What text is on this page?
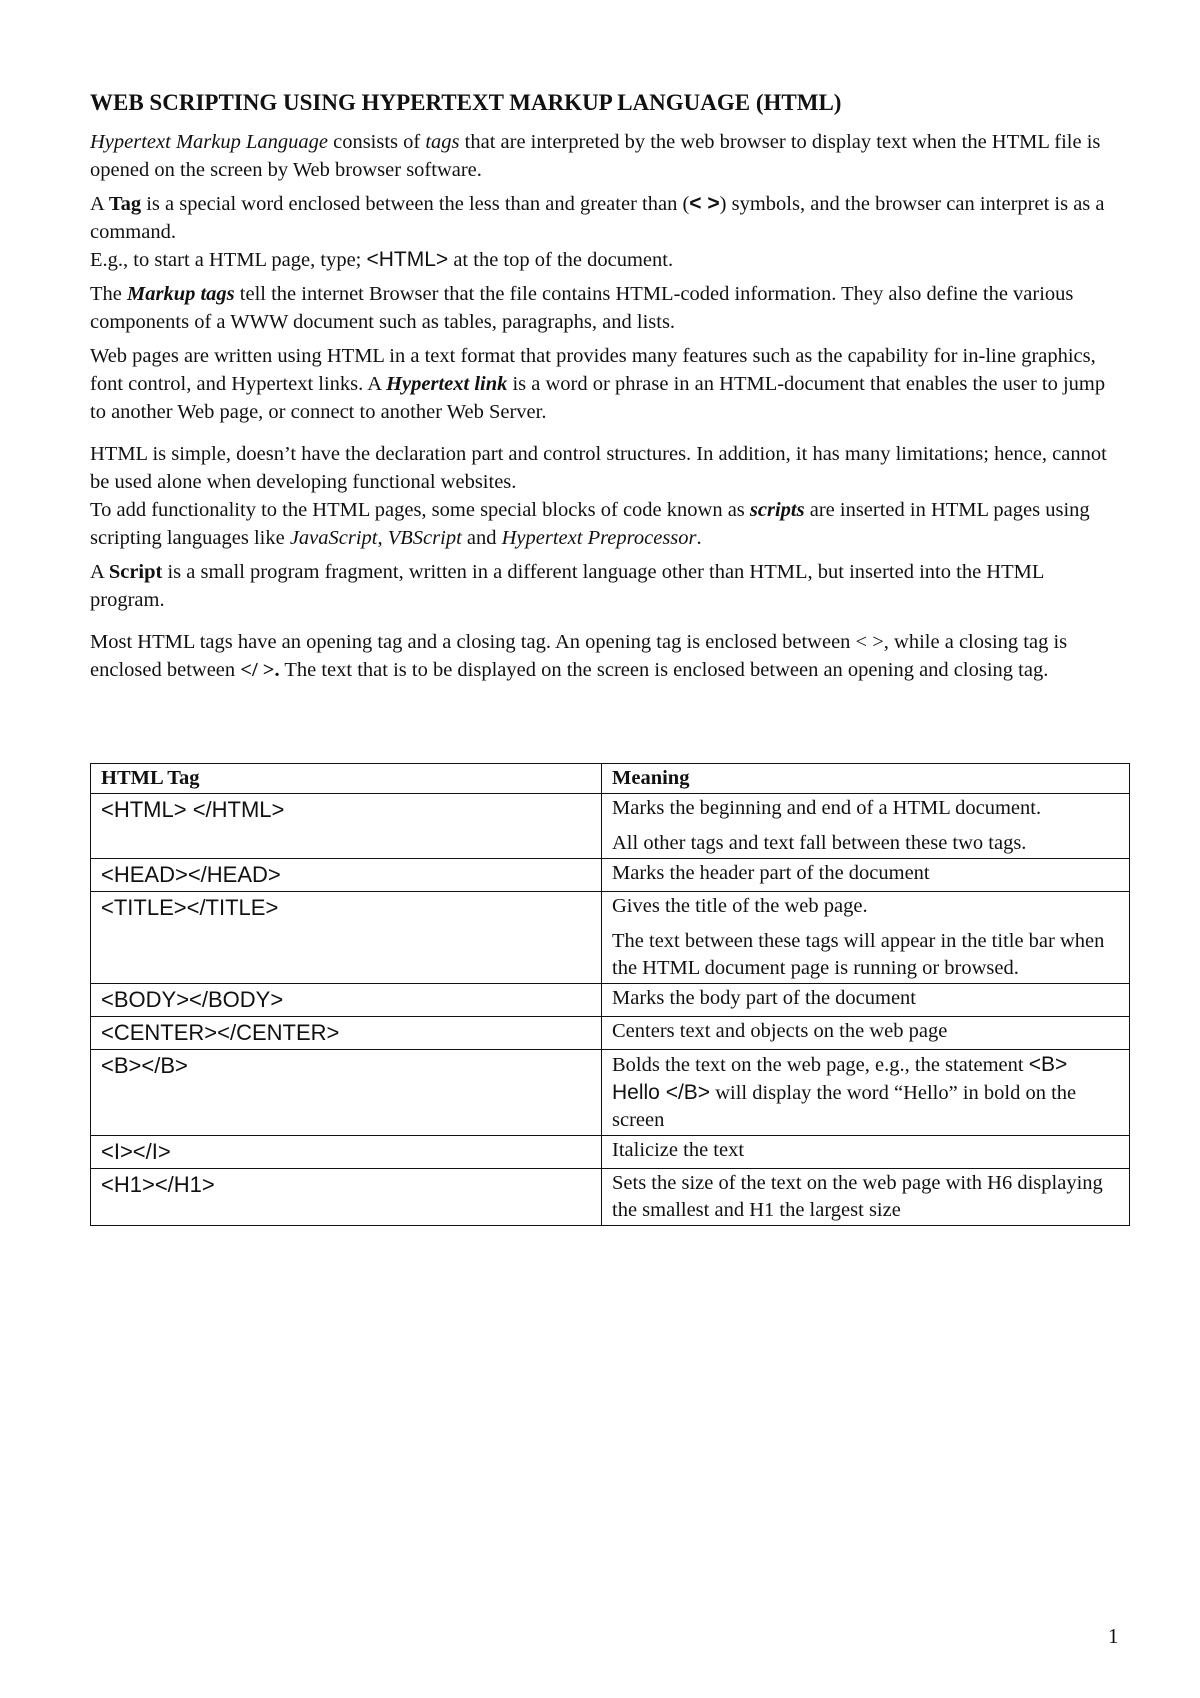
WEB SCRIPTING USING HYPERTEXT MARKUP LANGUAGE (HTML)

Hypertext Markup Language consists of tags that are interpreted by the web browser to display text when the HTML file is opened on the screen by Web browser software.

A Tag is a special word enclosed between the less than and greater than (< >) symbols, and the browser can interpret is as a command.

E.g., to start a HTML page, type; <HTML> at the top of the document.

The Markup tags tell the internet Browser that the file contains HTML-coded information. They also define the various components of a WWW document such as tables, paragraphs, and lists.

Web pages are written using HTML in a text format that provides many features such as the capability for in-line graphics, font control, and Hypertext links. A Hypertext link is a word or phrase in an HTML-document that enables the user to jump to another Web page, or connect to another Web Server.

HTML is simple, doesn’t have the declaration part and control structures. In addition, it has many limitations; hence, cannot be used alone when developing functional websites.

To add functionality to the HTML pages, some special blocks of code known as scripts are inserted in HTML pages using scripting languages like JavaScript, VBScript and Hypertext Preprocessor.

A Script is a small program fragment, written in a different language other than HTML, but inserted into the HTML program.

Most HTML tags have an opening tag and a closing tag. An opening tag is enclosed between < >, while a closing tag is enclosed between </ >. The text that is to be displayed on the screen is enclosed between an opening and closing tag.

HTML Tag	Meaning
<HTML> </HTML>	Marks the beginning and end of a HTML document.

All other tags and text fall between these two tags.

<HEAD></HEAD>	Marks the header part of the document

<TITLE></TITLE>	Gives the title of the web page.

The text between these tags will appear in the title bar when the HTML document page is running or browsed.

<BODY></BODY>	Marks the body part of the document

<CENTER></CENTER>	Centers text and objects on the web page

<B></B>	Bolds the text on the web page, e.g., the statement <B> Hello </B> will display the word “Hello” in bold on the screen

<I></I>	Italicize the text

<H1></H1>	Sets the size of the text on the web page with H6 displaying the smallest and H1 the largest size

1
